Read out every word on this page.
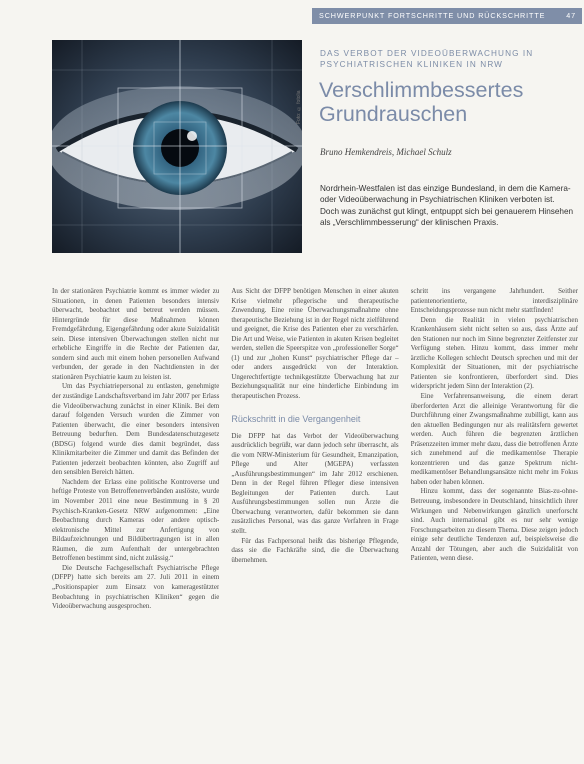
SCHWERPUNKT FORTSCHRITTE UND RÜCKSCHRITTE	47
Foto: © fotolia
DAS VERBOT DER VIDEOÜBERWACHUNG IN PSYCHIATRISCHEN KLINIKEN IN NRW
Verschlimmbessertes
Grundrauschen
Bruno Hemkendreis, Michael Schulz

Nordrhein-Westfalen ist das einzige Bundesland, in dem die Kamera- oder Videoüberwachung in Psychiatrischen Kliniken verboten ist. Doch was zunächst gut klingt, entpuppt sich bei genauerem Hinsehen als „Verschlimmbesserung“ der klinischen Praxis.

In der stationären Psychiatrie kommt es immer wieder zu Situationen, in denen Patienten besonders intensiv überwacht, beobachtet und betreut werden müssen. Hintergründe für diese Maßnahmen können Fremdgefährdung, Eigengefährdung oder akute Suizidalität sein. Diese intensiven Überwachungen stellen nicht nur erhebliche Eingriffe in die Rechte der Patienten dar, sondern sind auch mit einem hohen personellen Aufwand verbunden, der gerade in den Nachtdiensten in der stationären Psychiatrie kaum zu leisten ist.

Um das Psychiatriepersonal zu entlasten, genehmigte der zuständige Landschaftsverband im Jahr 2007 per Erlass die Videoüberwachung zunächst in einer Klinik. Bei dem darauf folgenden Versuch wurden die Zimmer von Patienten überwacht, die einer besonders intensiven Betreuung bedurften. Dem Bundesdatenschutzgesetz (BDSG) folgend wurde dies damit begründet, dass Klinikmitarbeiter die Zimmer und damit das Befinden der Patienten jederzeit beobachten könnten, also Zugriff auf den sensiblen Bereich hätten.

Nachdem der Erlass eine politische Kontroverse und heftige Proteste von Betroffenenverbänden auslöste, wurde im November 2011 eine neue Bestimmung in § 20 Psychisch-Kranken-Gesetz NRW aufgenommen: „Eine Beobachtung durch Kameras oder andere optisch-elektronische Mittel zur Anfertigung von Bildaufzeichnungen und Bildübertragungen ist in allen Räumen, die zum Aufenthalt der untergebrachten Betroffenen bestimmt sind, nicht zulässig.“

Die Deutsche Fachgesellschaft Psychiatrische Pflege (DFPP) hatte sich bereits am 27. Juli 2011 in einem „Positionspapier zum Einsatz von kameragestützter Beobachtung in psychiatrischen Kliniken“ gegen die Videoüberwachung ausgesprochen.

Aus Sicht der DFPP benötigen Menschen in einer akuten Krise vielmehr pflegerische und therapeutische Zuwendung. Eine reine Überwachungsmaßnahme ohne therapeutische Beziehung ist in der Regel nicht zielführend und geeignet, die Krise des Patienten eher zu verschärfen. Die Art und Weise, wie Patienten in akuten Krisen begleitet werden, stellen die Speerspitze von „professioneller Sorge“ (1) und zur „hohen Kunst“ psychiatrischer Pflege dar – oder anders ausgedrückt von der Interaktion. Ungerechtfertigte technikgestützte Überwachung hat zur Beziehungsqualität nur eine hinderliche Einbindung im therapeutischen Prozess.

Rückschritt in die Vergangenheit

Die DFPP hat das Verbot der Videoüberwachung ausdrücklich begrüßt, war dann jedoch sehr überrascht, als die vom NRW-Ministerium für Gesundheit, Emanzipation, Pflege und Alter (MGEPA) verfassten „Ausführungsbestimmungen“ im Jahr 2012 erschienen. Denn in der Regel führen Pfleger diese intensiven Begleitungen der Patienten durch. Laut Ausführungsbestimmungen sollen nun Ärzte die Überwachung verantworten, dafür bekommen sie dann zusätzliches Personal, was das ganze Verfahren in Frage stellt.

Für das Fachpersonal heißt das bisherige Pflegende, dass sie die Fachkräfte sind, die die Überwachung übernehmen.

schritt ins vergangene Jahrhundert. Seither patientenorientierte, interdisziplinäre Entscheidungsprozesse nun nicht mehr stattfinden!

Denn die Realität in vielen psychiatrischen Krankenhäusern sieht nicht selten so aus, dass Ärzte auf den Stationen nur noch im Sinne begrenzter Zeitfenster zur Verfügung stehen. Hinzu kommt, dass immer mehr ärztliche Kollegen schlecht Deutsch sprechen und mit der Komplexität der Situationen, mit der psychiatrische Patienten sie konfrontieren, überfordert sind. Dies widerspricht jedem Sinn der Interaktion (2).

Eine Verfahrensanweisung, die einem derart überforderten Arzt die alleinige Verantwortung für die Durchführung einer Zwangsmaßnahme zubilligt, kann aus den aktuellen Bedingungen nur als realitätsfern gewertet werden. Auch führen die begrenzten ärztlichen Präsenzzeiten immer mehr dazu, dass die betroffenen Ärzte sich zunehmend auf die medikamentöse Therapie konzentrieren und das ganze Spektrum nicht-medikamentöser Behandlungsansätze nicht mehr im Fokus haben oder haben können.

Hinzu kommt, dass der sogenannte Bias-zu-ohne-Betreuung, insbesondere in Deutschland, hinsichtlich ihrer Wirkungen und Nebenwirkungen gänzlich unerforscht sind. Auch international gibt es nur sehr wenige Forschungsarbeiten zu diesem Thema. Diese zeigen jedoch einige sehr deutliche Tendenzen auf, beispielsweise die Anzahl der Tötungen, aber auch die Suizidalität von Patienten, wenn diese.
